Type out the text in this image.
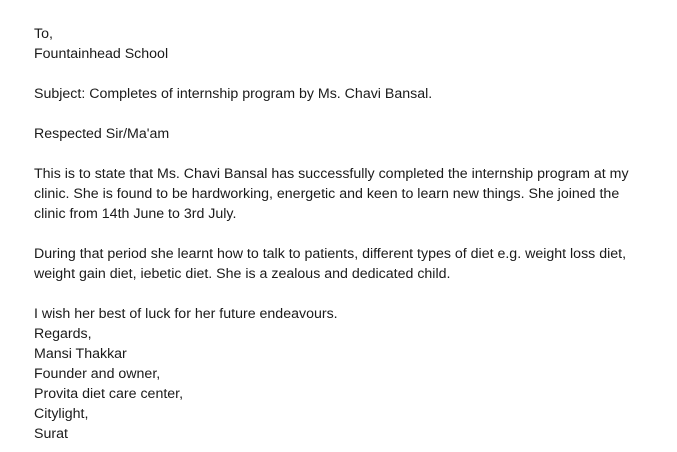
To,
Fountainhead School
Subject: Completes of internship program by Ms. Chavi Bansal.
Respected Sir/Ma'am
This is to state that Ms. Chavi Bansal has successfully completed the internship program at my
clinic. She is found to be hardworking, energetic and keen to learn new things. She joined the
clinic from 14th June to 3rd July.
During that period she learnt how to talk to patients, different types of diet e.g. weight loss diet,
weight gain diet, iebetic diet. She is a zealous and dedicated child.
I wish her best of luck for her future endeavours.
Regards,
Mansi Thakkar
Founder and owner,
Provita diet care center,
Citylight,
Surat
